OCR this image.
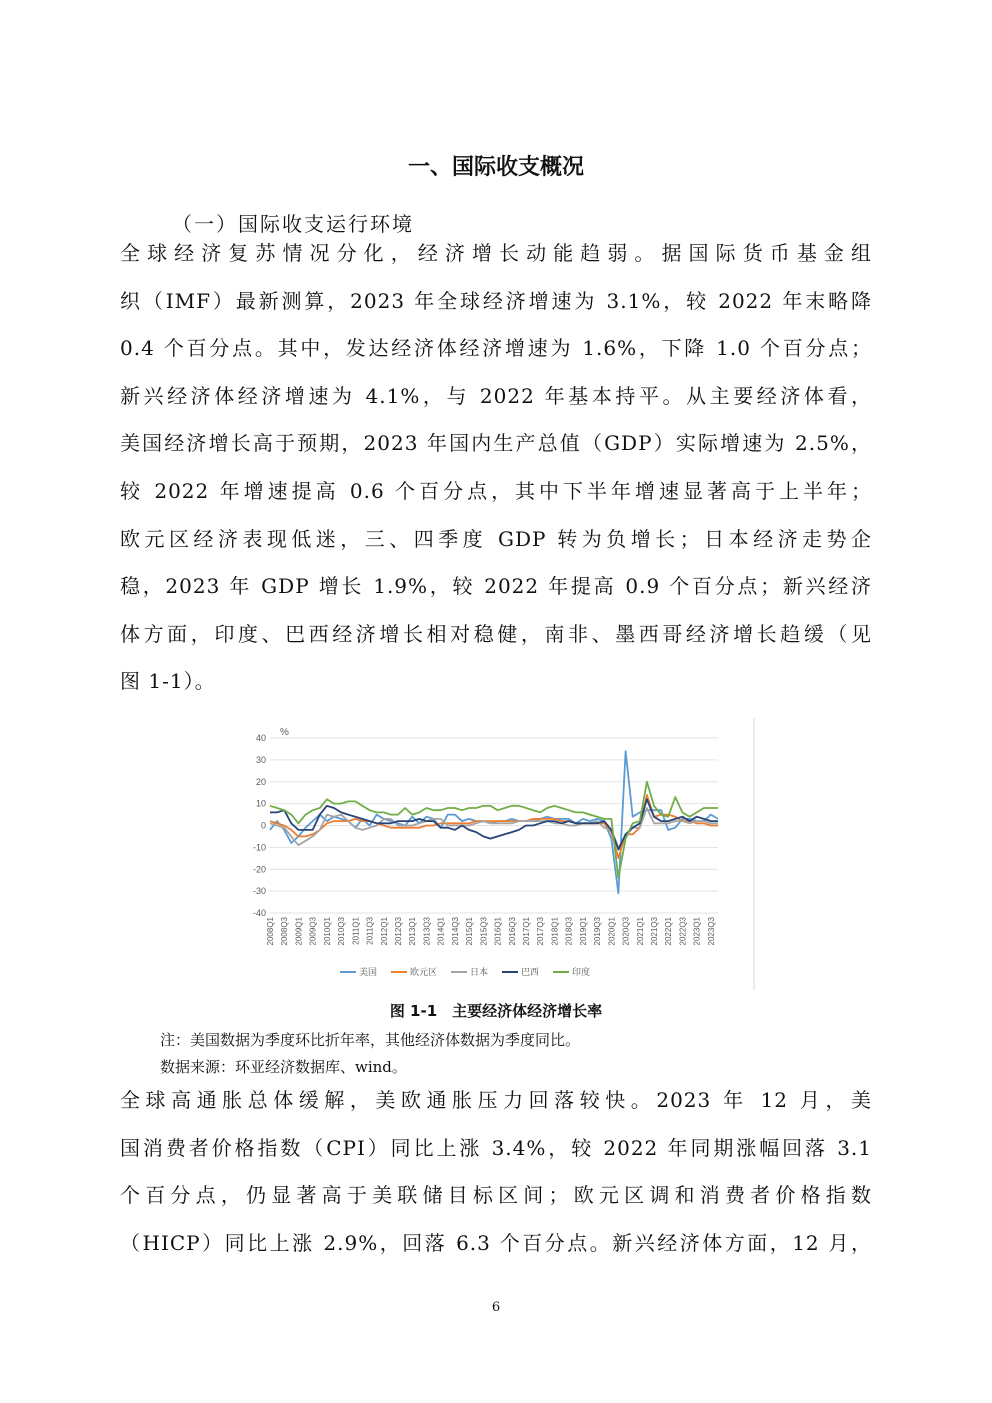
一、国际收支概况
（一）国际收支运行环境

全球经济复苏情况分化，经济增长动能趋弱。据国际货币基金组

织（IMF）最新测算，2023 年全球经济增速为 3.1%，较 2022 年末略降

0.4 个百分点。其中，发达经济体经济增速为 1.6%，下降 1.0 个百分点；

新兴经济体经济增速为 4.1%，与 2022 年基本持平。从主要经济体看，

美国经济增长高于预期，2023 年国内生产总值（GDP）实际增速为 2.5%，

较 2022 年增速提高 0.6 个百分点，其中下半年增速显著高于上半年；

欧元区经济表现低迷，三、四季度 GDP 转为负增长；日本经济走势企

稳，2023 年 GDP 增长 1.9%，较 2022 年提高 0.9 个百分点；新兴经济

体方面，印度、巴西经济增长相对稳健，南非、墨西哥经济增长趋缓（见

图 1-1）。

40
30
20
10
0
-10
-20
-30
-40
%
2008Q1 2008Q3 2009Q1 2009Q3 2010Q1 2010Q3 2011Q1 2011Q3 2012Q1 2012Q3 2013Q1 2013Q3 2014Q1 2014Q3 2015Q1 2015Q3 2016Q1 2016Q3 2017Q1 2017Q3 2018Q1 2018Q3 2019Q1 2019Q3 2020Q1 2020Q3 2021Q1 2021Q3 2022Q1 2022Q3 2023Q1 2023Q3
美国	欧元区	日本	巴西	印度
图 1-1　主要经济体经济增长率
注：美国数据为季度环比折年率，其他经济体数据为季度同比。
数据来源：环亚经济数据库、wind。

全球高通胀总体缓解，美欧通胀压力回落较快。2023 年 12 月，美

国消费者价格指数（CPI）同比上涨 3.4%，较 2022 年同期涨幅回落 3.1

个百分点，仍显著高于美联储目标区间；欧元区调和消费者价格指数

（HICP）同比上涨 2.9%，回落 6.3 个百分点。新兴经济体方面，12 月，

6
